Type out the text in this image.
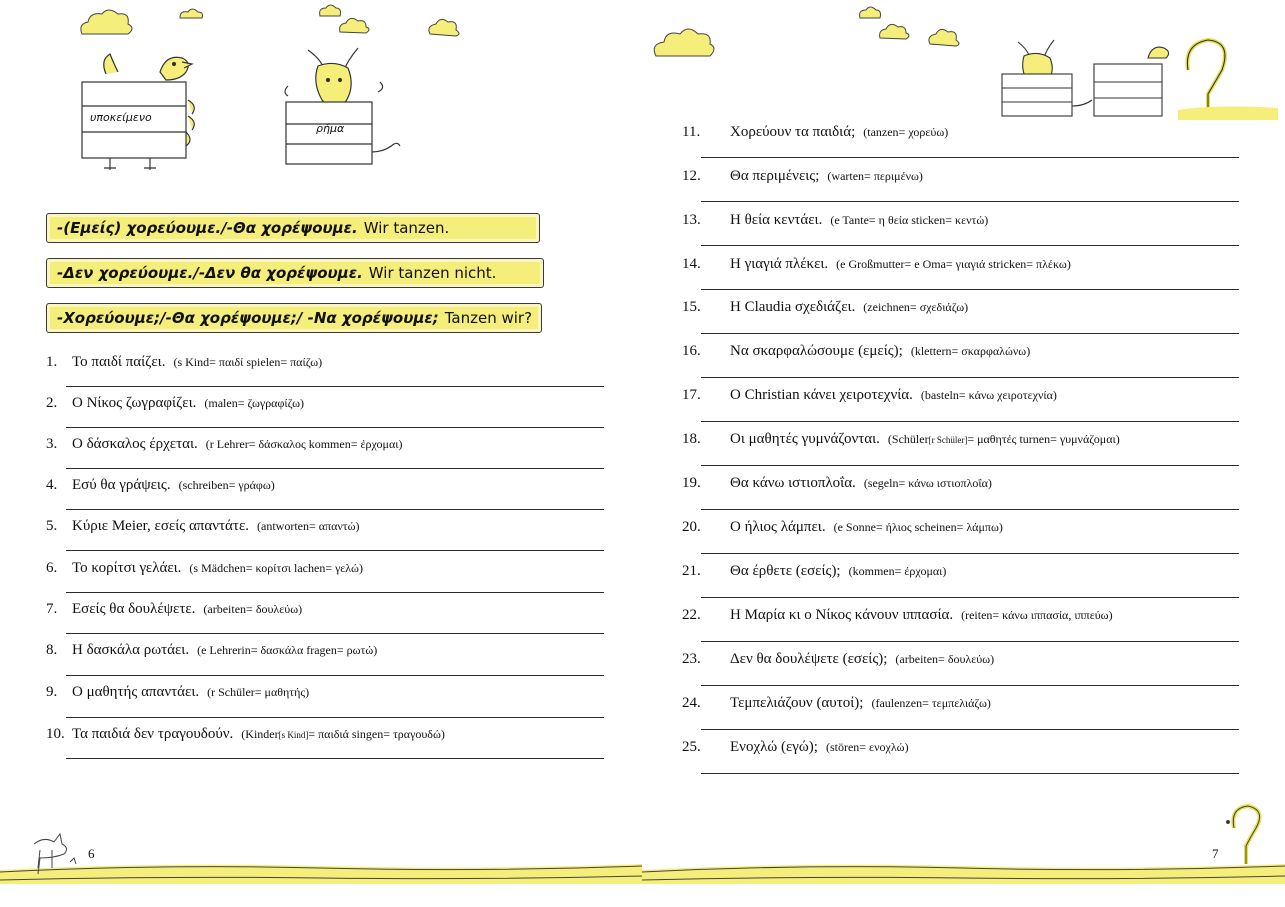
υποκείμενο
ρήμα
-(Εμείς) χορεύουμε./-Θα χορέψουμε. Wir tanzen.
-Δεν χορεύουμε./-Δεν θα χορέψουμε. Wir tanzen nicht.
-Χορεύουμε;/-Θα χορέψουμε;/ -Να χορέψουμε; Tanzen wir?
1. Το παιδί παίζει. (s Kind= παιδί spielen= παίζω)
2. Ο Νίκος ζωγραφίζει. (malen= ζωγραφίζω)
3. Ο δάσκαλος έρχεται. (r Lehrer= δάσκαλος kommen= έρχομαι)
4. Εσύ θα γράψεις. (schreiben= γράφω)
5. Κύριε Meier, εσείς απαντάτε. (antworten= απαντώ)
6. Το κορίτσι γελάει. (s Mädchen= κορίτσι lachen= γελώ)
7. Εσείς θα δουλέψετε. (arbeiten= δουλεύω)
8. Η δασκάλα ρωτάει. (e Lehrerin= δασκάλα fragen= ρωτώ)
9. Ο μαθητής απαντάει. (r Schüler= μαθητής)
10. Τα παιδιά δεν τραγουδούν. (Kinder[s Kind]= παιδιά singen= τραγουδώ)
6
11. Χορεύουν τα παιδιά; (tanzen= χορεύω)
12. Θα περιμένεις; (warten= περιμένω)
13. Η θεία κεντάει. (e Tante= η θεία sticken= κεντώ)
14. Η γιαγιά πλέκει. (e Großmutter= e Oma= γιαγιά stricken= πλέκω)
15. Η Claudia σχεδιάζει. (zeichnen= σχεδιάζω)
16. Να σκαρφαλώσουμε (εμείς); (klettern= σκαρφαλώνω)
17. Ο Christian κάνει χειροτεχνία. (basteln= κάνω χειροτεχνία)
18. Οι μαθητές γυμνάζονται. (Schüler[r Schüler]= μαθητές turnen= γυμνάζομαι)
19. Θα κάνω ιστιοπλοΐα. (segeln= κάνω ιστιοπλοΐα)
20. Ο ήλιος λάμπει. (e Sonne= ήλιος scheinen= λάμπω)
21. Θα έρθετε (εσείς); (kommen= έρχομαι)
22. Η Μαρία κι ο Νίκος κάνουν ιππασία. (reiten= κάνω ιππασία, ιππεύω)
23. Δεν θα δουλέψετε (εσείς); (arbeiten= δουλεύω)
24. Τεμπελιάζουν (αυτοί); (faulenzen= τεμπελιάζω)
25. Ενοχλώ (εγώ); (stören= ενοχλώ)
7
